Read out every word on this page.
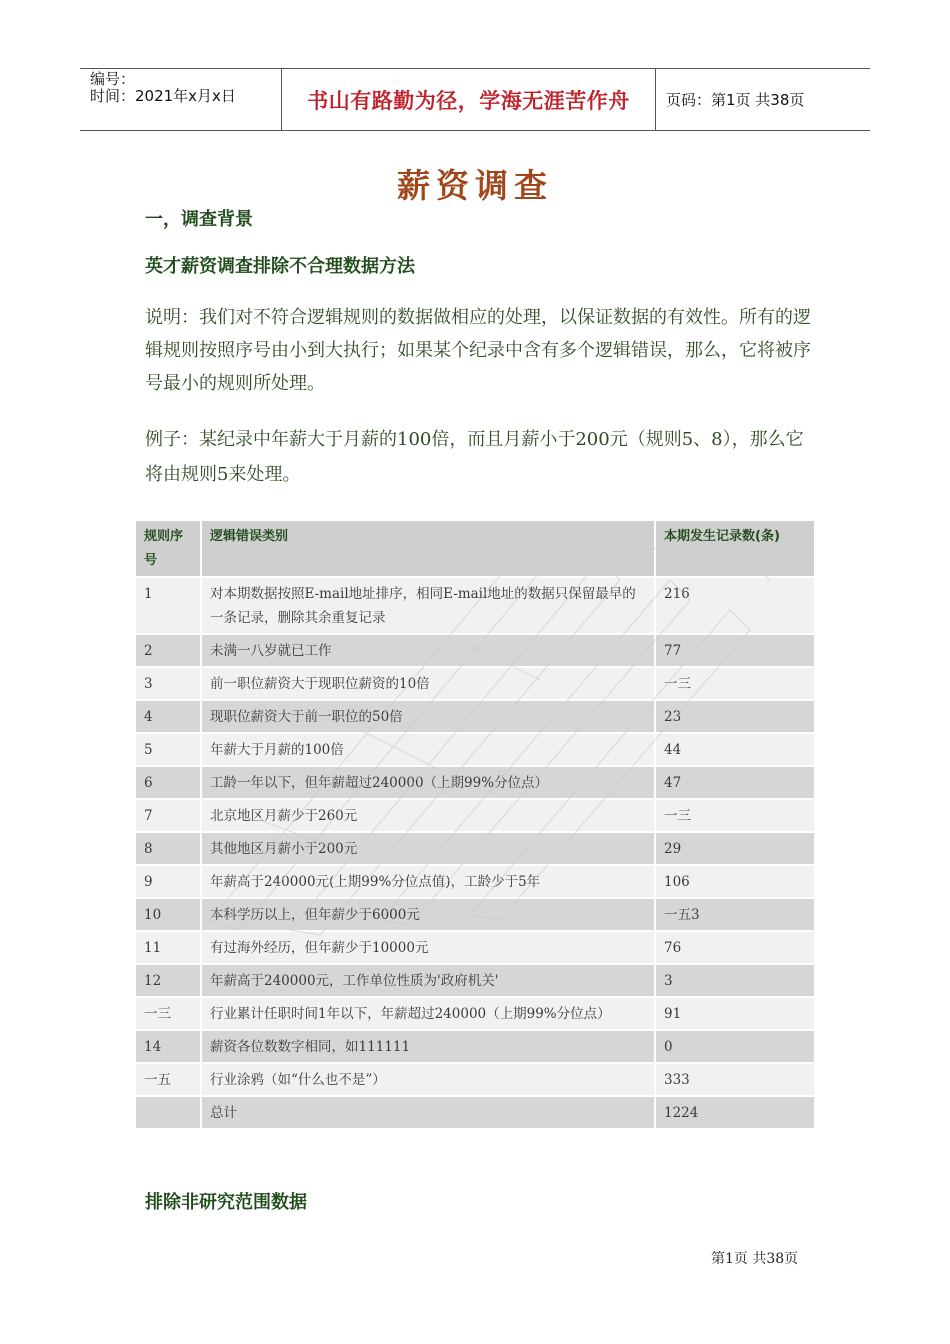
编号：
时间：2021年x月x日	书山有路勤为径，学海无涯苦作舟	页码：第1页 共38页
薪资调查
一，调查背景
英才薪资调查排除不合理数据方法
说明：我们对不符合逻辑规则的数据做相应的处理，以保证数据的有效性。所有的逻辑规则按照序号由小到大执行；如果某个纪录中含有多个逻辑错误，那么，它将被序号最小的规则所处理。
例子：某纪录中年薪大于月薪的100倍，而且月薪小于200元（规则5、8），那么它将由规则5来处理。
规则序号	逻辑错误类别	本期发生记录数(条)
1	对本期数据按照E-mail地址排序，相同E-mail地址的数据只保留最早的一条记录，删除其余重复记录	216
2	未满一八岁就已工作	77
3	前一职位薪资大于现职位薪资的10倍	一三
4	现职位薪资大于前一职位的50倍	23
5	年薪大于月薪的100倍	44
6	工龄一年以下，但年薪超过240000（上期99%分位点）	47
7	北京地区月薪少于260元	一三
8	其他地区月薪小于200元	29
9	年薪高于240000元(上期99%分位点值)，工龄少于5年	106
10	本科学历以上，但年薪少于6000元	一五3
11	有过海外经历，但年薪少于10000元	76
12	年薪高于240000元，工作单位性质为'政府机关'	3
一三	行业累计任职时间1年以下，年薪超过240000（上期99%分位点）	91
14	薪资各位数数字相同，如111111	0
一五	行业涂鸦（如“什么也不是”）	333
	总计	1224
排除非研究范围数据
第1页 共38页
